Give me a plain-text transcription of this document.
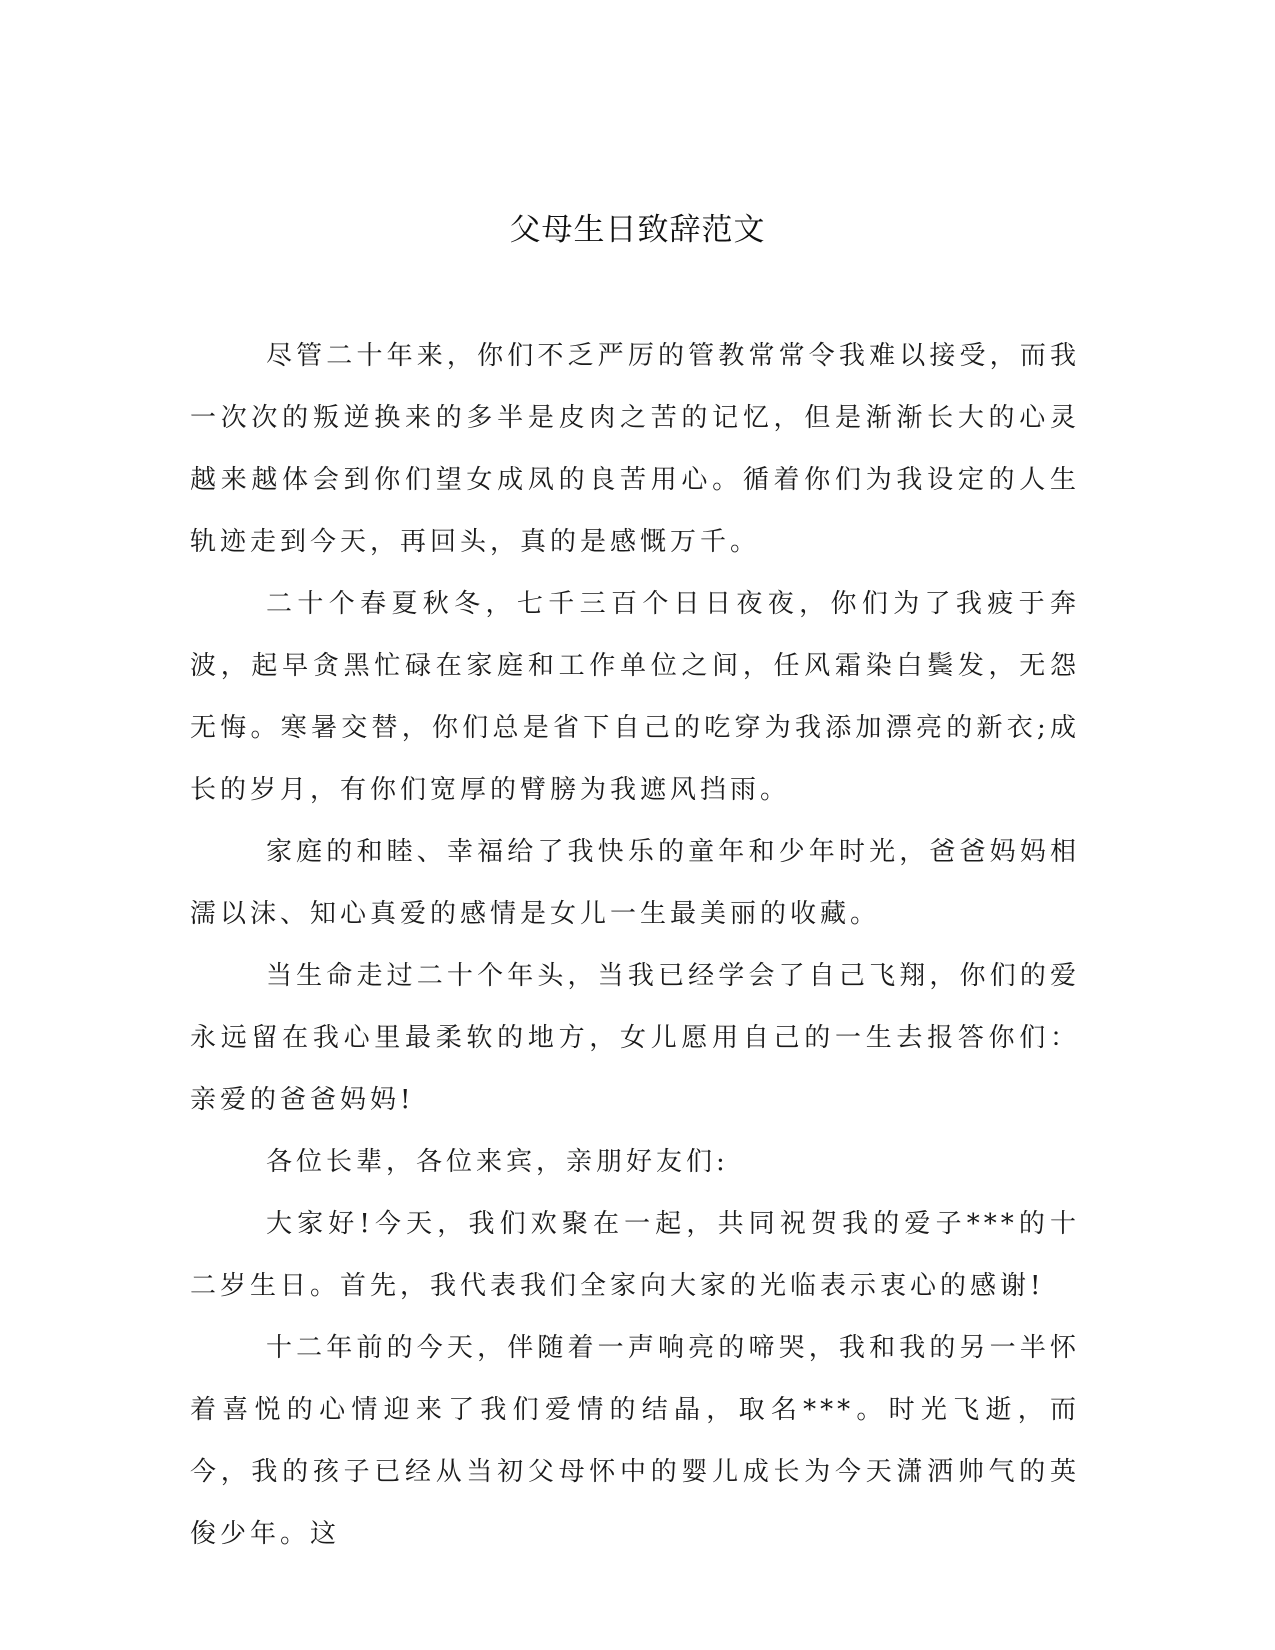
父母生日致辞范文

尽管二十年来，你们不乏严厉的管教常常令我难以接受，而我一次次的叛逆换来的多半是皮肉之苦的记忆，但是渐渐长大的心灵越来越体会到你们望女成凤的良苦用心。循着你们为我设定的人生轨迹走到今天，再回头，真的是感慨万千。

二十个春夏秋冬，七千三百个日日夜夜，你们为了我疲于奔波，起早贪黑忙碌在家庭和工作单位之间，任风霜染白鬓发，无怨无悔。寒暑交替，你们总是省下自己的吃穿为我添加漂亮的新衣;成长的岁月，有你们宽厚的臂膀为我遮风挡雨。

家庭的和睦、幸福给了我快乐的童年和少年时光，爸爸妈妈相濡以沫、知心真爱的感情是女儿一生最美丽的收藏。

当生命走过二十个年头，当我已经学会了自己飞翔，你们的爱永远留在我心里最柔软的地方，女儿愿用自己的一生去报答你们：亲爱的爸爸妈妈!

各位长辈，各位来宾，亲朋好友们:

大家好!今天，我们欢聚在一起，共同祝贺我的爱子***的十二岁生日。首先，我代表我们全家向大家的光临表示衷心的感谢!

十二年前的今天，伴随着一声响亮的啼哭，我和我的另一半怀着喜悦的心情迎来了我们爱情的结晶，取名***。时光飞逝，而今，我的孩子已经从当初父母怀中的婴儿成长为今天潇洒帅气的英俊少年。这
